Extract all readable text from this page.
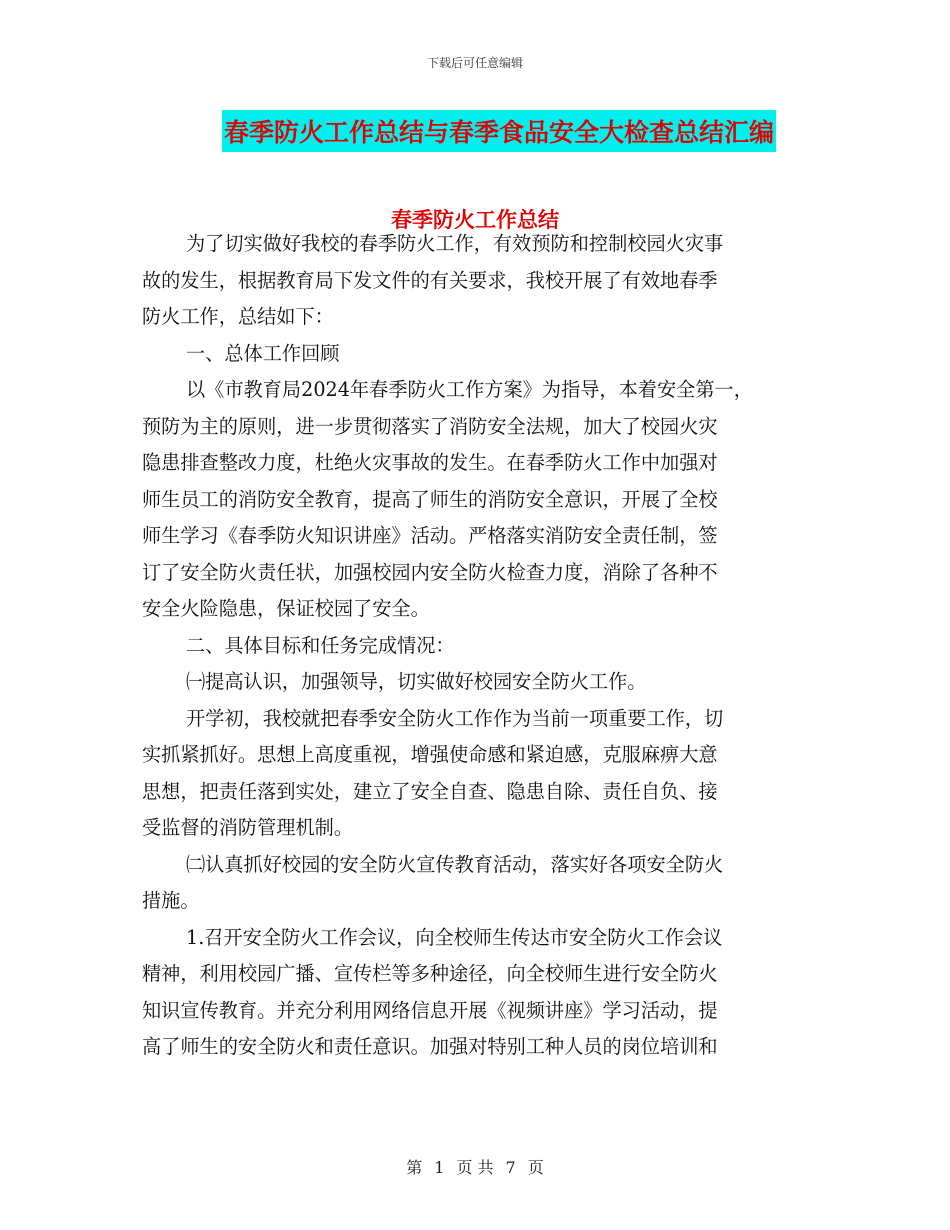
下载后可任意编辑
春季防火工作总结与春季食品安全大检查总结汇编
春季防火工作总结
为了切实做好我校的春季防火工作，有效预防和控制校园火灾事
故的发生，根据教育局下发文件的有关要求，我校开展了有效地春季
防火工作，总结如下：
一、总体工作回顾
以《市教育局2024年春季防火工作方案》为指导，本着安全第一，
预防为主的原则，进一步贯彻落实了消防安全法规，加大了校园火灾
隐患排查整改力度，杜绝火灾事故的发生。在春季防火工作中加强对
师生员工的消防安全教育，提高了师生的消防安全意识，开展了全校
师生学习《春季防火知识讲座》活动。严格落实消防安全责任制，签
订了安全防火责任状，加强校园内安全防火检查力度，消除了各种不
安全火险隐患，保证校园了安全。
二、具体目标和任务完成情况：
㈠提高认识，加强领导，切实做好校园安全防火工作。
开学初，我校就把春季安全防火工作作为当前一项重要工作，切
实抓紧抓好。思想上高度重视，增强使命感和紧迫感，克服麻痹大意
思想，把责任落到实处，建立了安全自查、隐患自除、责任自负、接
受监督的消防管理机制。
㈡认真抓好校园的安全防火宣传教育活动，落实好各项安全防火
措施。
1.召开安全防火工作会议，向全校师生传达市安全防火工作会议
精神，利用校园广播、宣传栏等多种途径，向全校师生进行安全防火
知识宣传教育。并充分利用网络信息开展《视频讲座》学习活动，提
高了师生的安全防火和责任意识。加强对特别工种人员的岗位培训和
第 1 页 共 7 页
